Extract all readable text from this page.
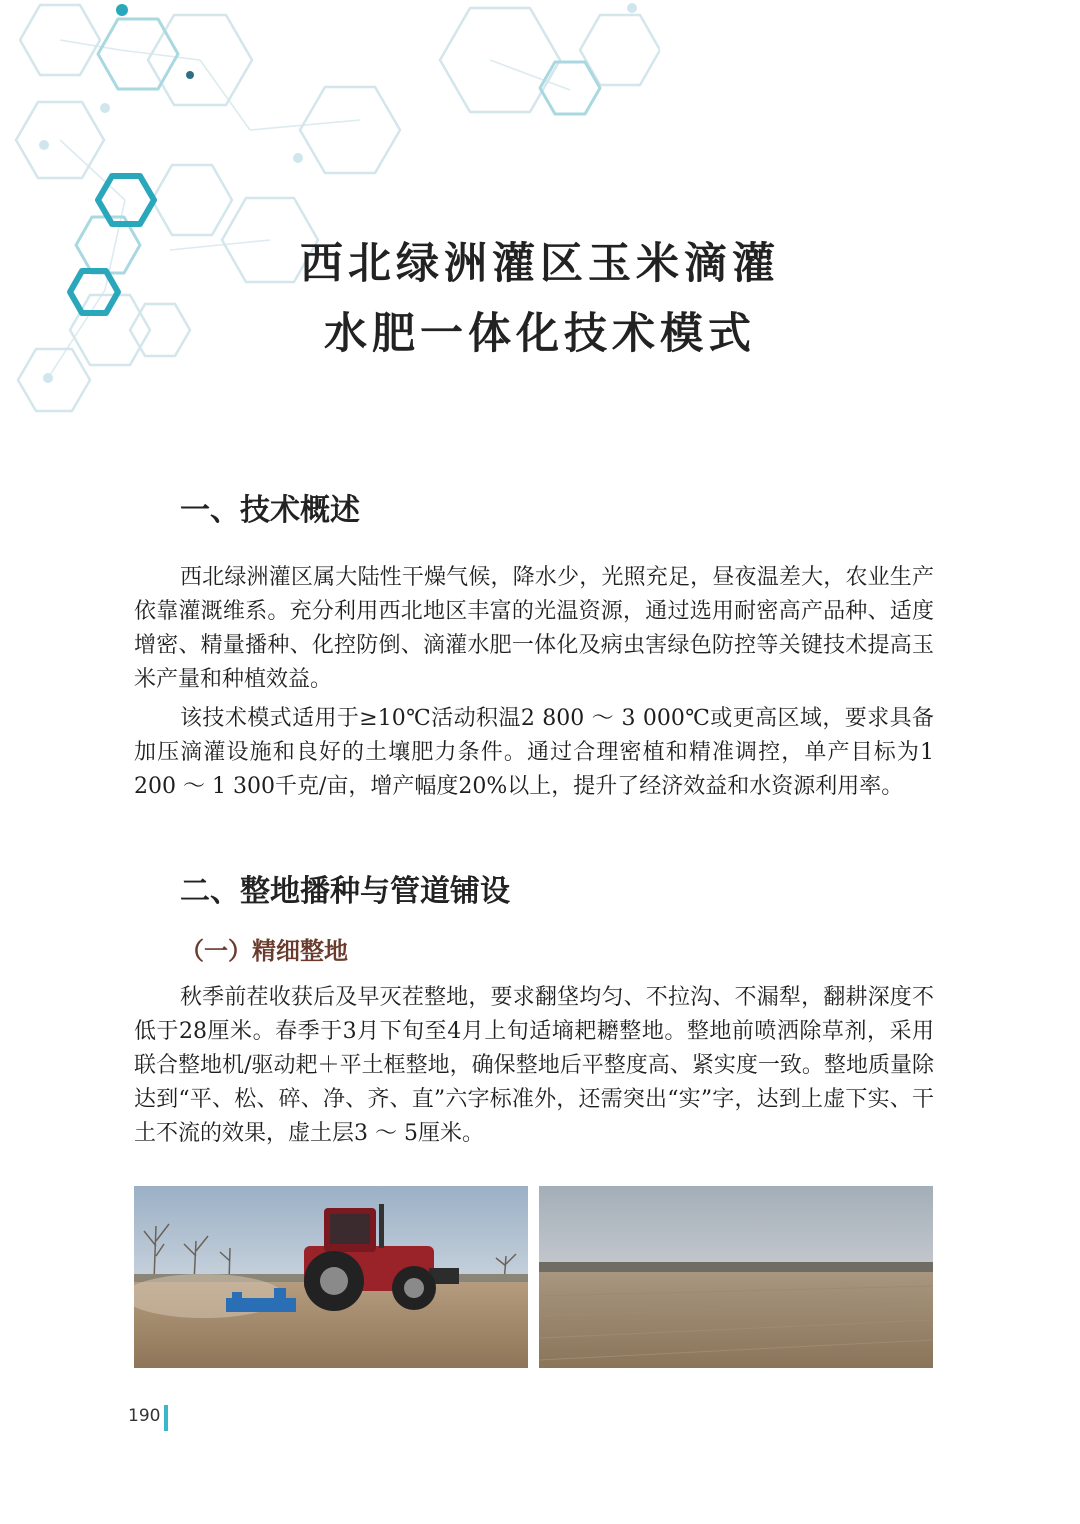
西北绿洲灌区玉米滴灌
水肥一体化技术模式
一、技术概述

西北绿洲灌区属大陆性干燥气候，降水少，光照充足，昼夜温差大，农业生产依靠灌溉维系。充分利用西北地区丰富的光温资源，通过选用耐密高产品种、适度增密、精量播种、化控防倒、滴灌水肥一体化及病虫害绿色防控等关键技术提高玉米产量和种植效益。

该技术模式适用于≥10℃活动积温2 800 ～ 3 000℃或更高区域，要求具备加压滴灌设施和良好的土壤肥力条件。通过合理密植和精准调控，单产目标为1 200 ～ 1 300千克/亩，增产幅度20%以上，提升了经济效益和水资源利用率。

二、整地播种与管道铺设
（一）精细整地

秋季前茬收获后及早灭茬整地，要求翻垡均匀、不拉沟、不漏犁，翻耕深度不低于28厘米。春季于3月下旬至4月上旬适墒耙耱整地。整地前喷洒除草剂，采用联合整地机/驱动耙＋平土框整地，确保整地后平整度高、紧实度一致。整地质量除达到“平、松、碎、净、齐、直”六字标准外，还需突出“实”字，达到上虚下实、干土不流的效果，虚土层3 ～ 5厘米。

190
